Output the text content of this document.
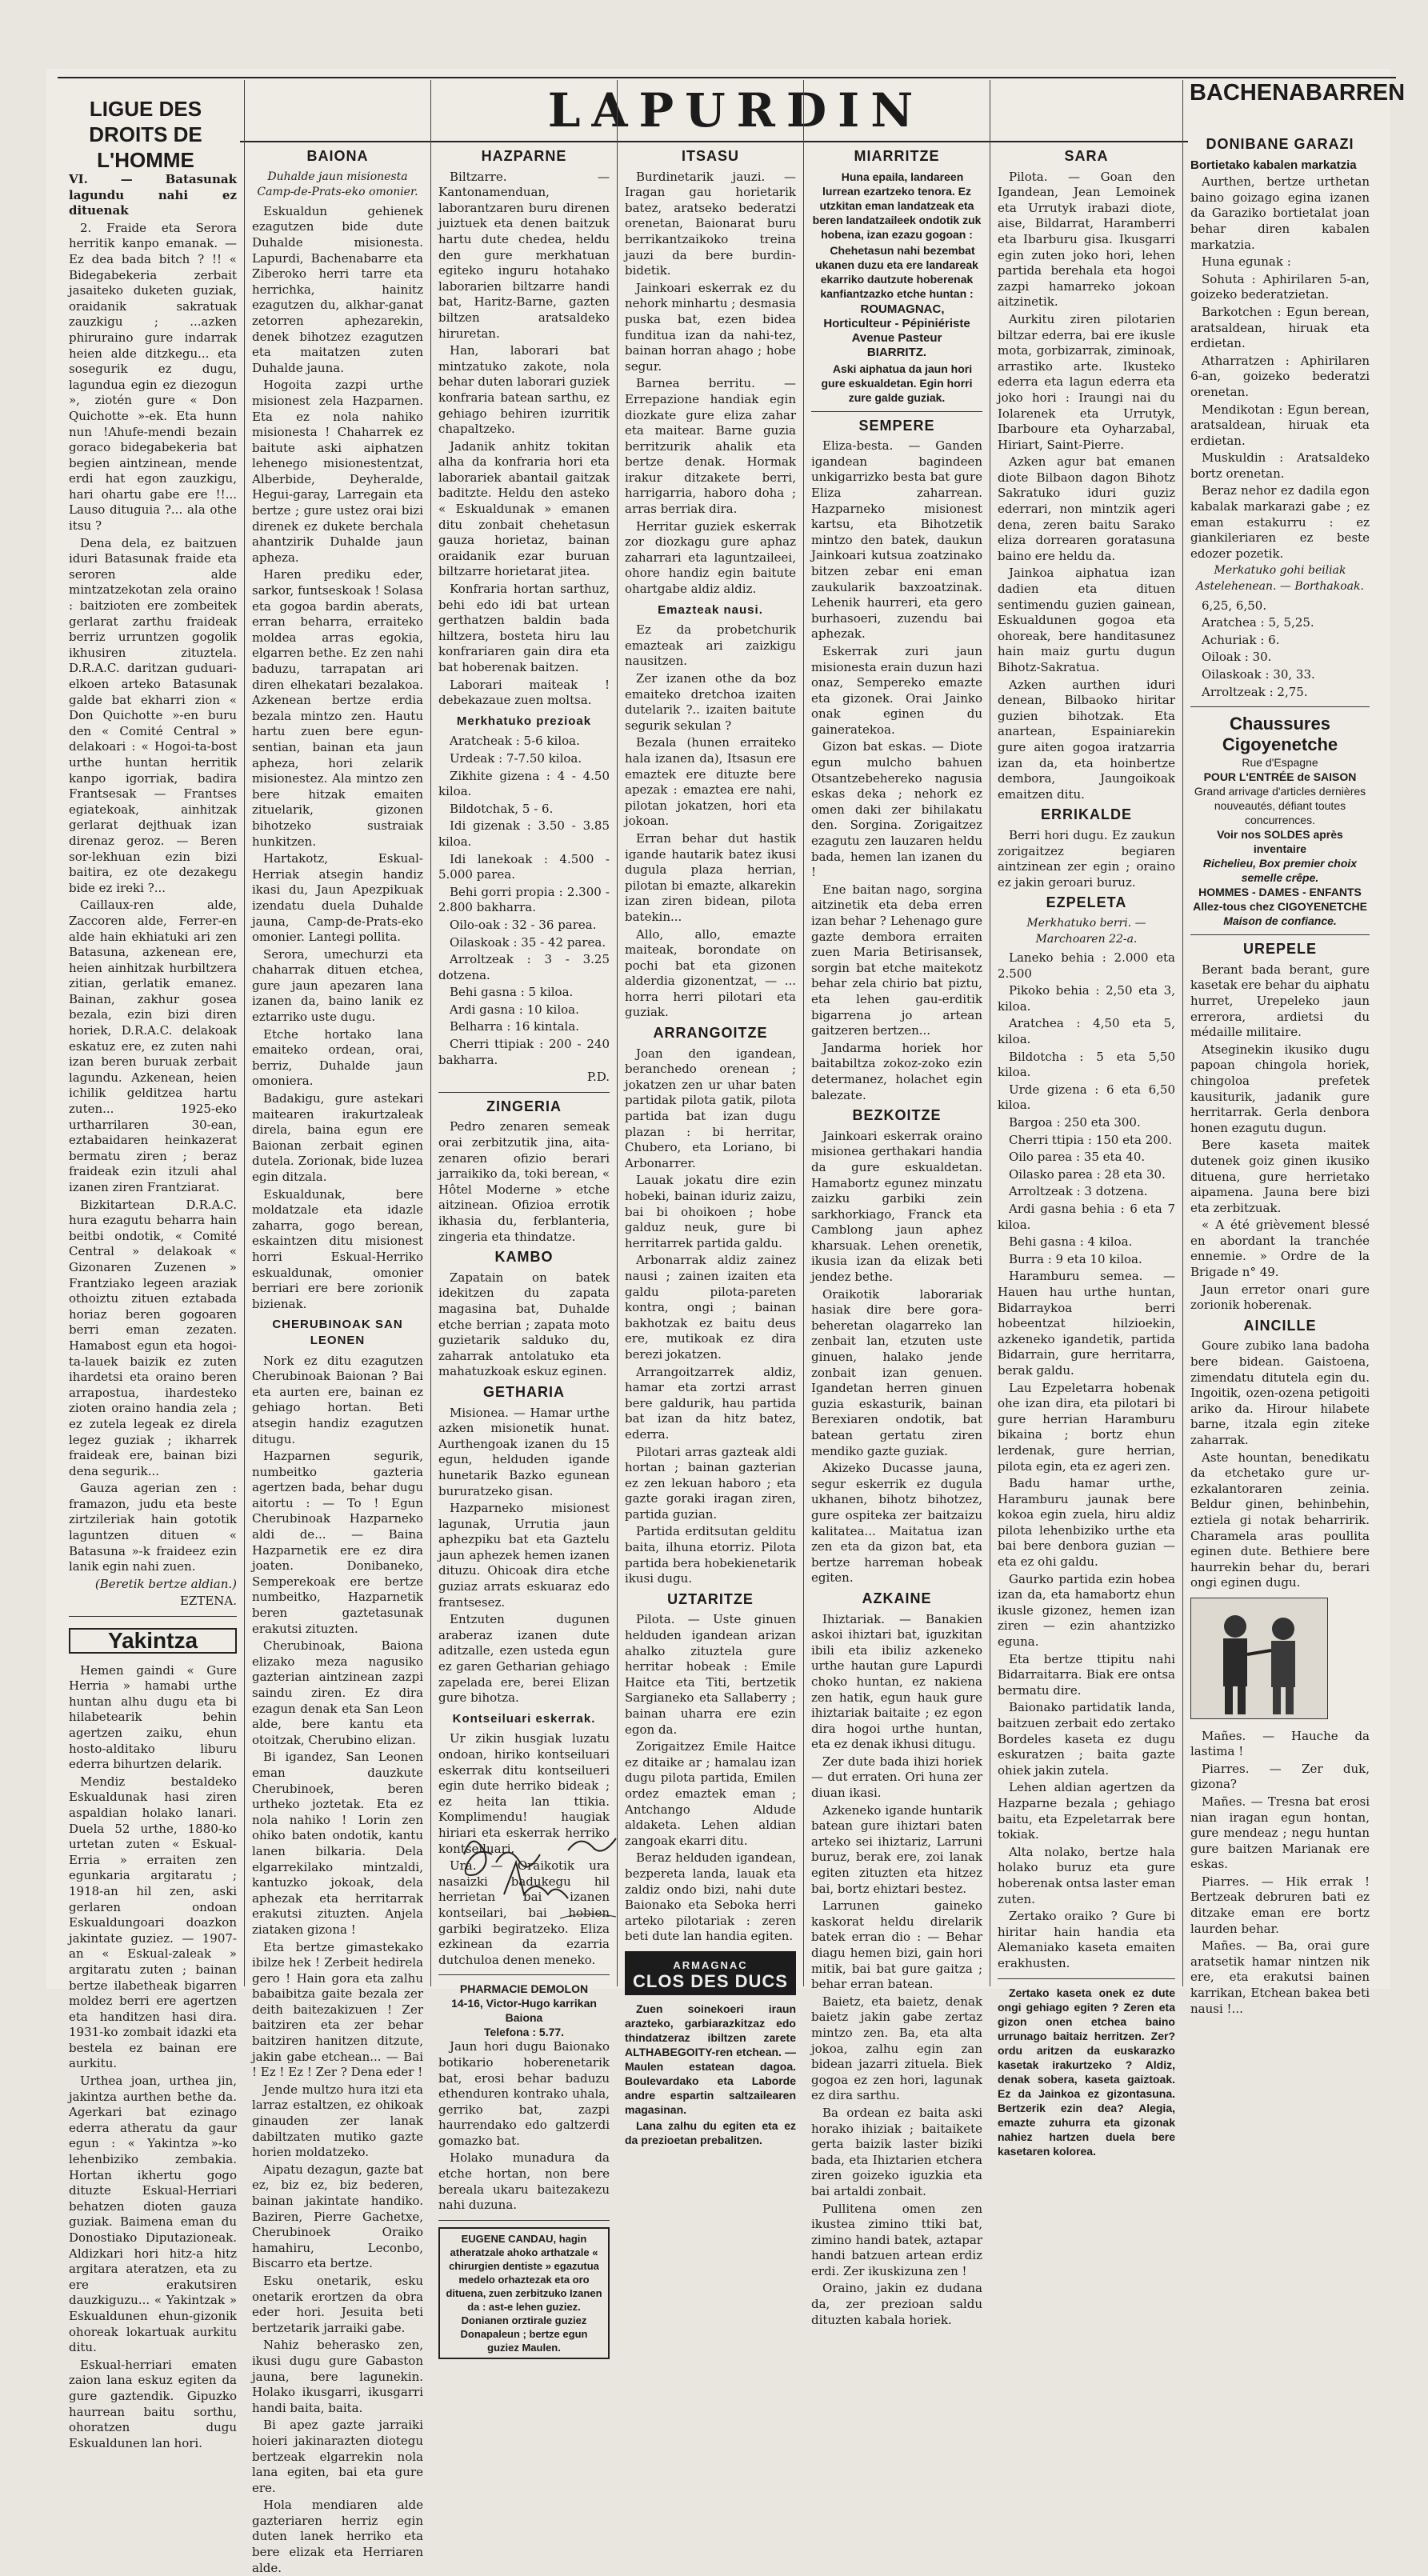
LIGUE DES DROITS DE L'HOMME
LAPURDIN	BACHENABARREN

VI. — Batasunak lagundu nahi ez dituenak

2. Fraide eta Serora herritik kanpo emanak. — Ez dea bada bitch ? !! « Bidegabekeria zerbait jasaiteko duketen guziak, oraidanik sakratuak zauzkigu ; ...azken phiruraino gure indarrak heien alde ditzkegu... eta sosegurik ez dugu, lagundua egin ez diezogun », ziotén gure « Don Quichotte »-ek. Eta hunn nun !Ahufe-mendi bezain goraco bidegabekeria bat begien aintzinean, mende erdi hat egon zauzkigu, hari ohartu gabe ere !!... Lauso dituguia ?... ala othe itsu ?

Dena dela, ez baitzuen iduri Batasunak fraide eta seroren alde mintzatzekotan zela oraino : baitzioten ere zombeitek gerlarat zarthu fraideak berriz urruntzen gogolik ikhusiren zituztela. D.R.A.C. daritzan guduari-elkoen arteko Batasunak galde bat ekharri zion « Don Quichotte »-en buru den « Comité Central » delakoari : « Hogoi-ta-bost urthe huntan herritik kanpo igorriak, badira Frantsesak — Frantses egiatekoak, ainhitzak gerlarat dejthuak izan direnaz geroz. — Beren sor-lekhuan ezin bizi baitira, ez ote dezakegu bide ez ireki ?...

Caillaux-ren alde, Zaccoren alde, Ferrer-en alde hain ekhiatuki ari zen Batasuna, azkenean ere, heien ainhitzak hurbiltzera zitian, gerlatik emanez. Bainan, zakhur gosea bezala, ezin bizi diren horiek, D.R.A.C. delakoak eskatuz ere, ez zuten nahi izan beren buruak zerbait lagundu. Azkenean, heien ichilik gelditzea hartu zuten... 1925-eko urtharrilaren 30-ean, eztabaidaren heinkazerat bermatu ziren ; beraz fraideak ezin itzuli ahal izanen ziren Frantziarat.

Bizkitartean D.R.A.C. hura ezagutu beharra hain beitbi ondotik, « Comité Central » delakoak « Gizonaren Zuzenen » Frantziako legeen araziak othoiztu zituen eztabada horiaz beren gogoaren berri eman zezaten. Hamabost egun eta hogoi-ta-lauek baizik ez zuten ihardetsi eta oraino beren arrapostua, ihardesteko zioten oraino handia zela ; ez zutela legeak ez direla legez guziak ; ikharrek fraideak ere, bainan bizi dena segurik...

Gauza agerian zen : framazon, judu eta beste zirtzileriak hain gototik laguntzen dituen « Batasuna »-k fraideez ezin lanik egin nahi zuen.

(Beretik bertze aldian.)

EZTENA.

Yakintza

Hemen gaindi « Gure Herria » hamabi urthe huntan alhu dugu eta bi hilabetearik behin agertzen zaiku, ehun hosto-alditako liburu ederra bihurtzen delarik.

Mendiz bestaldeko Eskualdunak hasi ziren aspaldian holako lanari. Duela 52 urthe, 1880-ko urtetan zuten « Eskual-Erria » erraiten zen egunkaria argitaratu ; 1918-an hil zen, aski gerlaren ondoan Eskualdungoari doazkon jakintate guziez. — 1907-an « Eskual-zaleak » argitaratu zuten ; bainan bertze ilabetheak bigarren moldez berri ere agertzen eta handitzen hasi dira. 1931-ko zombait idazki eta bestela ez bainan ere aurkitu.

Urthea joan, urthea jin, jakintza aurthen bethe da. Agerkari bat ezinago ederra atheratu da gaur egun : « Yakintza »-ko lehenbiziko zembakia. Hortan ikhertu gogo dituzte Eskual-Herriari behatzen dioten gauza guziak. Baimena eman du Donostiako Diputazioneak. Aldizkari hori hitz-a hitz argitara ateratzen, eta zu ere erakutsiren dauzkiguzu... « Yakintzak » Eskualdunen ehun-gizonik ohoreak lokartuak aurkitu ditu.

Eskual-herriari ematen zaion lana eskuz egiten da gure gaztendik. Gipuzko haurrean baitu sorthu, ohoratzen dugu Eskualdunen lan hori.

BAIONA
Duhalde jaun misionesta Camp-de-Prats-eko omonier.

Eskualdun gehienek ezagutzen bide dute Duhalde misionesta. Lapurdi, Bachenabarre eta Ziberoko herri tarre eta herrichka, hainitz ezagutzen du, alkhar-ganat zetorren aphezarekin, denek bihotzez ezagutzen eta maitatzen zuten Duhalde jauna.

Hogoita zazpi urthe misionest zela Hazparnen. Eta ez nola nahiko misionesta ! Chaharrek ez baitute aski aiphatzen lehenego misionestentzat, Alberbide, Deyheralde, Hegui-garay, Larregain eta bertze ; gure ustez orai bizi direnek ez dukete berchala ahantzirik Duhalde jaun apheza.

Haren prediku eder, sarkor, funtseskoak ! Solasa eta gogoa bardin aberats, erran beharra, erraiteko moldea arras egokia, elgarren bethe. Ez zen nahi baduzu, tarrapatan ari diren elhekatari bezalakoa. Azkenean bertze erdia bezala mintzo zen. Hautu hartu zuen bere egun-sentian, bainan eta jaun apheza, hori zelarik misionestez. Ala mintzo zen bere hitzak emaiten zituelarik, gizonen bihotzeko sustraiak hunkitzen.

Hartakotz, Eskual-Herriak atsegin handiz ikasi du, Jaun Apezpikuak izendatu duela Duhalde jauna, Camp-de-Prats-eko omonier. Lantegi pollita.

Serora, umechurzi eta chaharrak dituen etchea, gure jaun apezaren lana izanen da, baino lanik ez eztarriko uste dugu.

Etche hortako lana emaiteko ordean, orai, berriz, Duhalde jaun omoniera.

Badakigu, gure astekari maitearen irakurtzaleak direla, baina egun ere Baionan zerbait eginen dutela. Zorionak, bide luzea egin ditzala.

Eskualdunak, bere moldatzale eta idazle zaharra, gogo berean, eskaintzen ditu misionest horri Eskual-Herriko eskualdunak, omonier berriari ere bere zorionik bizienak.

CHERUBINOAK SAN LEONEN

Nork ez ditu ezagutzen Cherubinoak Baionan ? Bai eta aurten ere, bainan ez gehiago hortan. Beti atsegin handiz ezagutzen ditugu.

Hazparnen segurik, numbeitko gazteria agertzen bada, behar dugu aitortu : — To ! Egun Cherubinoak Hazparneko aldi de... — Baina Hazparnetik ere ez dira joaten. Donibaneko, Semperekoak ere bertze numbeitko, Hazparnetik beren gaztetasunak erakutsi zituzten.

Cherubinoak, Baiona elizako meza nagusiko gazterian aintzinean zazpi saindu ziren. Ez dira ezagun denak eta San Leon alde, bere kantu eta otoitzak, Cherubino elizan.

Bi igandez, San Leonen eman dauzkute Cherubinoek, beren urtheko joztetak. Eta ez nola nahiko ! Lorin zen ohiko baten ondotik, kantu lanen bilkaria. Dela elgarrekilako mintzaldi, kantuzko jokoak, dela aphezak eta herritarrak erakutsi zituzten. Anjela ziataken gizona !

Eta bertze gimastekako ibilze hek ! Zerbeit hedirela gero ! Hain gora eta zalhu babaibitza gaite bezala zer deith baitezakizuen ! Zer baitziren eta zer behar baitziren hanitzen ditzute, jakin gabe etchean... — Bai ! Ez ! Ez ! Zer ? Dena eder !

Jende multzo hura itzi eta larraz estaltzen, ez ohikoak ginauden zer lanak dabiltzaten mutiko gazte horien moldatzeko.

Aipatu dezagun, gazte bat ez, biz ez, biz bederen, bainan jakintate handiko. Baziren, Pierre Gachetxe, Cherubinoek Oraiko hamahiru, Leconbo, Biscarro eta bertze.

Esku onetarik, esku onetarik erortzen da obra eder hori. Jesuita beti bertzetarik jarraiki gabe.

Nahiz beherasko zen, ikusi dugu gure Gabaston jauna, bere lagunekin. Holako ikusgarri, ikusgarri handi baita, baita.

Bi apez gazte jarraiki hoieri jakinarazten diotegu bertzeak elgarrekin nola lana egiten, bai eta gure ere.

Hola mendiaren alde gazteriaren herriz egin duten lanek herriko eta bere elizak eta Herriaren alde.

HAZPARNE

Biltzarre. — Kantonamenduan, laborantzaren buru direnen juiztuek eta denen baitzuk hartu dute chedea, heldu den gure merkhatuan egiteko inguru hotahako laborarien biltzarre handi bat, Haritz-Barne, gazten biltzen aratsaldeko hiruretan.

Han, laborari bat mintzatuko zakote, nola behar duten laborari guziek konfraria batean sarthu, ez gehiago behiren izurritik chapaltzeko.

Jadanik anhitz tokitan alha da konfraria hori eta laborariek abantail gaitzak baditzte. Heldu den asteko « Eskualdunak » emanen ditu zonbait chehetasun gauza horietaz, bainan oraidanik ezar buruan biltzarre horietarat jitea.

Konfraria hortan sarthuz, behi edo idi bat urtean gerthatzen baldin bada hiltzera, bosteta hiru lau konfrariaren gain dira eta bat hoberenak baitzen.

Laborari maiteak ! debekazaue zuen moltsa.

Merkhatuko prezioak

Aratcheak : 5-6 kiloa.

Urdeak : 7-7.50 kiloa.

Zikhite gizena : 4 - 4.50 kiloa.

Bildotchak, 5 - 6.

Idi gizenak : 3.50 - 3.85 kiloa.

Idi lanekoak : 4.500 - 5.000 parea.

Behi gorri propia : 2.300 - 2.800 bakharra.

Oilo-oak : 32 - 36 parea.

Oilaskoak : 35 - 42 parea.

Arroltzeak : 3 - 3.25 dotzena.

Behi gasna : 5 kiloa.

Ardi gasna : 10 kiloa.

Belharra : 16 kintala.

Cherri ttipiak : 200 - 240 bakharra.

P.D.

ZINGERIA

Pedro zenaren semeak orai zerbitzutik jina, aita-zenaren ofizio berari jarraikiko da, toki berean, « Hôtel Moderne » etche aitzinean. Ofizioa errotik ikhasia du, ferblanteria, zingeria eta thindatze.

KAMBO

Zapatain on batek idekitzen du zapata magasina bat, Duhalde etche berrian ; zapata moto guzietarik salduko du, zaharrak antolatuko eta mahatuzkoak eskuz eginen.

GETHARIA

Misionea. — Hamar urthe azken misionetik hunat. Aurthengoak izanen du 15 egun, helduden igande hunetarik Bazko egunean bururatzeko gisan.

Hazparneko misionest lagunak, Urrutia jaun aphezpiku bat eta Gaztelu jaun aphezek hemen izanen dituzu. Ohicoak dira etche guziaz arrats eskuaraz edo frantsesez.

Entzuten dugunen araberaz izanen dute aditzalle, ezen usteda egun ez garen Getharian gehiago zapelada ere, berei Elizan gure bihotza.

Kontseiluari eskerrak.

Ur zikin husgiak luzatu ondoan, hiriko kontseiluari eskerrak ditu kontseilueri egin dute herriko bideak ; ez heita lan ttikia. Komplimendu! haugiak hiriari eta eskerrak herriko kontseiluari.

Ura. — Oraikotik ura nasaizki badukegu hil herrietan bai izanen kontseilari, bai hobien garbiki begiratzeko. Eliza ezkinean da ezarria dutchuloa denen meneko.

PHARMACIE DEMOLON
14-16, Victor-Hugo karrikan
Baiona
Telefona : 5.77.

Jaun hori dugu Baionako botikario hoberenetarik bat, erosi behar baduzu ethenduren kontrako uhala, gerriko bat, zazpi haurrendako edo galtzerdi gomazko bat.

Holako munadura da etche hortan, non bere bereala ukaru baitezakezu nahi duzuna.

EUGENE CANDAU, hagin atheratzale ahoko arthatzale « chirurgien dentiste » egazutua medelo orhaztezak eta oro dituena, zuen zerbitzuko Izanen da : ast-e lehen guziez. Donianen orztirale guziez Donapaleun ; bertze egun guziez Maulen.
ITSASU

Burdinetarik jauzi. — Iragan gau horietarik batez, aratseko bederatzi orenetan, Baionarat buru berrikantzaikoko treina jauzi da bere burdin-bidetik.

Jainkoari eskerrak ez du nehork minhartu ; desmasia puska bat, ezen bidea funditua izan da nahi-tez, bainan horran ahago ; hobe segur.

Barnea berritu. — Errepazione handiak egin diozkate gure eliza zahar eta maitear. Barne guzia berritzurik ahalik eta bertze denak. Hormak irakur ditzakete berri, harrigarria, haboro doha ; arras berriak dira.

Herritar guziek eskerrak zor diozkagu gure aphaz zaharrari eta laguntzaileei, ohore handiz egin baitute ohartgabe aldiz aldiz.

Emazteak nausi.

Ez da probetchurik emazteak ari zaizkigu nausitzen.

Zer izanen othe da boz emaiteko dretchoa izaiten dutelarik ?.. izaiten baitute segurik sekulan ?

Bezala (hunen erraiteko hala izanen da), Itsasun ere emaztek ere dituzte bere apezak : emaztea ere nahi, pilotan jokatzen, hori eta jokoan.

Erran behar dut hastik igande hautarik batez ikusi dugula plaza herrian, pilotan bi emazte, alkarekin izan ziren bidean, pilota batekin...

Allo, allo, emazte maiteak, borondate on pochi bat eta gizonen alderdia gizonentzat, — ... horra herri pilotari eta guziak.

ARRANGOITZE

Joan den igandean, beranchedo orenean ; jokatzen zen ur uhar baten partidak pilota gatik, pilota partida bat izan dugu plazan : bi herritar, Chubero, eta Loriano, bi Arbonarrer.

Lauak jokatu dire ezin hobeki, bainan iduriz zaizu, bai bi ohoikoen ; hobe galduz neuk, gure bi herritarrek partida galdu.

Arbonarrak aldiz zainez nausi ; zainen izaiten eta galdu pilota-pareten kontra, ongi ; bainan bakhotzak ez baitu deus ere, mutikoak ez dira berezi jokatzen.

Arrangoitzarrek aldiz, hamar eta zortzi arrast bere galdurik, hau partida bat izan da hitz batez, ederra.

Pilotari arras gazteak aldi hortan ; bainan gazterian ez zen lekuan haboro ; eta gazte goraki iragan ziren, partida guzian.

Partida erditsutan gelditu baita, ilhuna etorriz. Pilota partida bera hobekienetarik ikusi dugu.

UZTARITZE

Pilota. — Uste ginuen helduden igandean arizan ahalko zituztela gure herritar hobeak : Emile Haitce eta Titi, bertzetik Sargianeko eta Sallaberry ; bainan uharra ere ezin egon da.

Zorigaitzez Emile Haitce ez ditaike ar ; hamalau izan dugu pilota partida, Emilen ordez emaztek eman ; Antchango Aldude aldaketa. Lehen aldian zangoak ekarri ditu.

Beraz helduden igandean, bezpereta landa, lauak eta zaldiz ondo bizi, nahi dute Baionako eta Seboka herri arteko pilotariak : zeren beti dute lan handia egiten.

ARMAGNAC
CLOS DES DUCS

Zuen soinekoeri iraun arazteko, garbiarazkitzaz edo thindatzeraz ibiltzen zarete ALTHABEGOITY-ren etchean. — Maulen estatean dagoa. Boulevardako eta Laborde andre espartin saltzailearen magasinan.

Lana zalhu du egiten eta ez da prezioetan prebalitzen.

MIARRITZE

Huna epaila, landareen lurrean ezartzeko tenora. Ez utzkitan eman landatzeak eta beren landatzaileek ondotik zuk hobena, izan ezazu gogoan :

Chehetasun nahi bezembat ukanen duzu eta ere landareak ekarriko dautzute hoberenak kanfiantzazko etche huntan :

ROUMAGNAC,
Horticulteur - Pépiniériste
Avenue Pasteur
BIARRITZ.

Aski aiphatua da jaun hori gure eskualdetan. Egin horri zure galde guziak.

SEMPERE

Eliza-besta. — Ganden igandean bagindeen unkigarrizko besta bat gure Eliza zaharrean. Hazparneko misionest kartsu, eta Bihotzetik mintzo den batek, daukun Jainkoari kutsua zoatzinako bitzen zebar eni eman zaukularik baxzoatzinak. Lehenik haurreri, eta gero burhasoeri, zuzendu bai aphezak.

Eskerrak zuri jaun misionesta erain duzun hazi onaz, Sempereko emazte eta gizonek. Orai Jainko onak eginen du gaineratekoa.

Gizon bat eskas. — Diote egun mulcho bahuen Otsantzebehereko nagusia eskas deka ; nehork ez omen daki zer bihilakatu den. Sorgina. Zorigaitzez ezagutu zen lauzaren heldu bada, hemen lan izanen du !

Ene baitan nago, sorgina aitzinetik eta deba erren izan behar ? Lehenago gure gazte dembora erraiten zuen Maria Betirisansek, sorgin bat etche maitekotz behar zela chirio bat piztu, eta lehen gau-erditik bigarrena jo artean gaitzeren bertzen...

Jandarma horiek hor baitabiltza zokoz-zoko ezin determanez, holachet egin balezate.

BEZKOITZE

Jainkoari eskerrak oraino misionea gerthakari handia da gure eskualdetan. Hamabortz egunez minzatu zaizku garbiki zein sarkhorkiago, Franck eta Camblong jaun aphez kharsuak. Lehen orenetik, ikusia izan da elizak beti jendez bethe.

Oraikotik laborariak hasiak dire bere gora-beheretan olagarreko lan zenbait lan, etzuten uste ginuen, halako jende zonbait izan genuen. Igandetan herren ginuen guzia eskasturik, bainan Berexiaren ondotik, bat batean gertatu ziren mendiko gazte guziak.

Akizeko Ducasse jauna, segur eskerrik ez dugula ukhanen, bihotz bihotzez, gure ospiteka zer baitzaizu kalitatea... Maitatua izan zen eta da gizon bat, eta bertze harreman hobeak egiten.

AZKAINE

Ihiztariak. — Banakien askoi ihiztari bat, iguzkitan ibili eta ibiliz azkeneko urthe hautan gure Lapurdi choko huntan, ez nakiena zen hatik, egun hauk gure ihiztariak baitaite ; ez egon dira hogoi urthe huntan, eta ez denak ikhusi ditugu.

Zer dute bada ihizi horiek — dut erraten. Ori huna zer diuan ikasi.

Azkeneko igande huntarik batean gure ihiztari baten arteko sei ihiztariz, Larruni buruz, berak ere, zoi lanak egiten zituzten eta hitzez bai, bortz ehiztari bestez.

Larrunen gaineko kaskorat heldu direlarik batek erran dio : — Behar diagu hemen bizi, gain hori mitik, bai bat gure gaitza ; behar erran batean.

Baietz, eta baietz, denak baietz jakin gabe zertaz mintzo zen. Ba, eta alta jokoa, zalhu egin zan bidean jazarri zituela. Biek gogoa ez zen hori, lagunak ez dira sarthu.

Ba ordean ez baita aski horako ihiziak ; baitaikete gerta baizik laster biziki bada, eta Ihiztarien etchera ziren goizeko iguzkia eta bai artaldi zonbait.

Pullitena omen zen ikustea zimino ttiki bat, zimino handi batek, aztapar handi batzuen artean erdiz erdi. Zer ikuskizuna zen !

Oraino, jakin ez dudana da, zer prezioan saldu dituzten kabala horiek.

SARA

Pilota. — Goan den Igandean, Jean Lemoinek eta Urrutyk irabazi diote, aise, Bildarrat, Haramberri eta Ibarburu gisa. Ikusgarri egin zuten joko hori, lehen partida berehala eta hogoi zazpi hamarreko jokoan aitzinetik.

Aurkitu ziren pilotarien biltzar ederra, bai ere ikusle mota, gorbizarrak, ziminoak, arrastiko arte. Ikusteko ederra eta lagun ederra eta joko hori : Iraungi nai du Iolarenek eta Urrutyk, Ibarboure eta Oyharzabal, Hiriart, Saint-Pierre.

Azken agur bat emanen diote Bilbaon dagon Bihotz Sakratuko iduri guziz ederrari, non mintzik ageri dena, zeren baitu Sarako eliza dorrearen goratasuna baino ere heldu da.

Jainkoa aiphatua izan dadien eta dituen sentimendu guzien gainean, Eskualdunen gogoa eta ohoreak, bere handitasunez hain maiz gurtu dugun Bihotz-Sakratua.

Azken aurthen iduri denean, Bilbaoko hiritar guzien bihotzak. Eta anartean, Espainiarekin gure aiten gogoa iratzarria izan da, eta hoinbertze dembora, Jaungoikoak emaitzen ditu.

ERRIKALDE

Berri hori dugu. Ez zaukun zorigaitzez begiaren aintzinean zer egin ; oraino ez jakin geroari buruz.

EZPELETA
Merkhatuko berri. — Marchoaren 22-a.

Laneko behia : 2.000 eta 2.500

Pikoko behia : 2,50 eta 3, kiloa.

Aratchea : 4,50 eta 5, kiloa.

Bildotcha : 5 eta 5,50 kiloa.

Urde gizena : 6 eta 6,50 kiloa.

Bargoa : 250 eta 300.

Cherri ttipia : 150 eta 200.

Oilo parea : 35 eta 40.

Oilasko parea : 28 eta 30.

Arroltzeak : 3 dotzena.

Ardi gasna behia : 6 eta 7 kiloa.

Behi gasna : 4 kiloa.

Burra : 9 eta 10 kiloa.

Haramburu semea. — Hauen hau urthe huntan, Bidarraykoa berri hobeentzat hilzioekin, azkeneko igandetik, partida Bidarrain, gure herritarra, berak galdu.

Lau Ezpeletarra hobenak ohe izan dira, eta pilotari bi gure herrian Haramburu bikaina ; bortz ehun lerdenak, gure herrian, pilota egin, eta ez ageri zen.

Badu hamar urthe, Haramburu jaunak bere kokoa egin zuela, hiru aldiz pilota lehenbiziko urthe eta bai bere denbora guzian — eta ez ohi galdu.

Gaurko partida ezin hobea izan da, eta hamabortz ehun ikusle gizonez, hemen izan ziren — ezin ahantzizko eguna.

Eta bertze ttipitu nahi Bidarraitarra. Biak ere ontsa bermatu dire.

Baionako partidatik landa, baitzuen zerbait edo zertako Bordeles kaseta ez dugu eskuratzen ; baita gazte ohiek jakin zutela.

Lehen aldian agertzen da Hazparne bezala ; gehiago baitu, eta Ezpeletarrak bere tokiak.

Alta nolako, bertze hala holako buruz eta gure hoberenak ontsa laster eman zuten.

Zertako oraiko ? Gure bi hiritar hain handia eta Alemaniako kaseta emaiten erakhusten.

Zertako kaseta onek ez dute ongi gehiago egiten ? Zeren eta gizon onen etchea baino urrunago baitaiz herritzen. Zer? ordu aritzen da euskarazko kasetak irakurtzeko ? Aldiz, denak sobera, kaseta gaiztoak. Ez da Jainkoa ez gizontasuna. Bertzerik ezin dea? Alegia, emazte zuhurra eta gizonak nahiez hartzen duela bere kasetaren kolorea.

DONIBANE GARAZI

Bortietako kabalen markatzia

Aurthen, bertze urthetan baino goizago egina izanen da Garaziko bortietalat joan behar diren kabalen markatzia.

Huna egunak :

Sohuta : Aphirilaren 5-an, goizeko bederatzietan.

Barkotchen : Egun berean, aratsaldean, hiruak eta erdietan.

Atharratzen : Aphirilaren 6-an, goizeko bederatzi orenetan.

Mendikotan : Egun berean, aratsaldean, hiruak eta erdietan.

Muskuldin : Aratsaldeko bortz orenetan.

Beraz nehor ez dadila egon kabalak markarazi gabe ; ez eman estakurru : ez giankileriaren ez beste edozer pozetik.

Merkatuko gohi beiliak Astelehenean. — Borthakoak.

6,25, 6,50.

Aratchea : 5, 5,25.

Achuriak : 6.

Oiloak : 30.

Oilaskoak : 30, 33.

Arroltzeak : 2,75.

Chaussures Cigoyenetche
Rue d'Espagne
POUR L'ENTRÉE de SAISON
Grand arrivage d'articles dernières nouveautés, défiant toutes concurrences.
Voir nos SOLDES après inventaire
Richelieu, Box premier choix semelle crêpe.
HOMMES - DAMES - ENFANTS
Allez-tous chez CIGOYENETCHE
Maison de confiance.
UREPELE

Berant bada berant, gure kasetak ere behar du aiphatu hurret, Urepeleko jaun errerora, ardietsi du médaille militaire.

Atseginekin ikusiko dugu papoan chingola horiek, chingoloa prefetek kausiturik, jadanik gure herritarrak. Gerla denbora honen ezagutu dugun.

Bere kaseta maitek dutenek goiz ginen ikusiko dituena, gure herrietako aipamena. Jauna bere bizi eta zerbitzuak.

« A été grièvement blessé en abordant la tranchée ennemie. » Ordre de la Brigade n° 49.

Jaun erretor onari gure zorionik hoberenak.

AINCILLE

Goure zubiko lana badoha bere bidean. Gaistoena, zimendatu ditutela egin du. Ingoitik, ozen-ozena petigoiti ariko da. Hirour hilabete barne, itzala egin ziteke zaharrak.

Aste hountan, benedikatu da etchetako gure ur-ezkalantoraren zeinia. Beldur ginen, behinbehin, eztiela gi notak beharririk. Charamela aras poullita eginen dute. Bethiere bere haurrekin behar du, berari ongi eginen dugu.

Mañes. — Hauche da lastima !

Piarres. — Zer duk, gizona?

Mañes. — Tresna bat erosi nian iragan egun hontan, gure mendeaz ; negu huntan gure baitzen Marianak ere eskas.

Piarres. — Hik errak ! Bertzeak debruren bati ez ditzake eman ere bortz laurden behar.

Mañes. — Ba, orai gure aratsetik hamar nintzen nik ere, eta erakutsi bainen karrikan, Etchean bakea beti nausi !...
